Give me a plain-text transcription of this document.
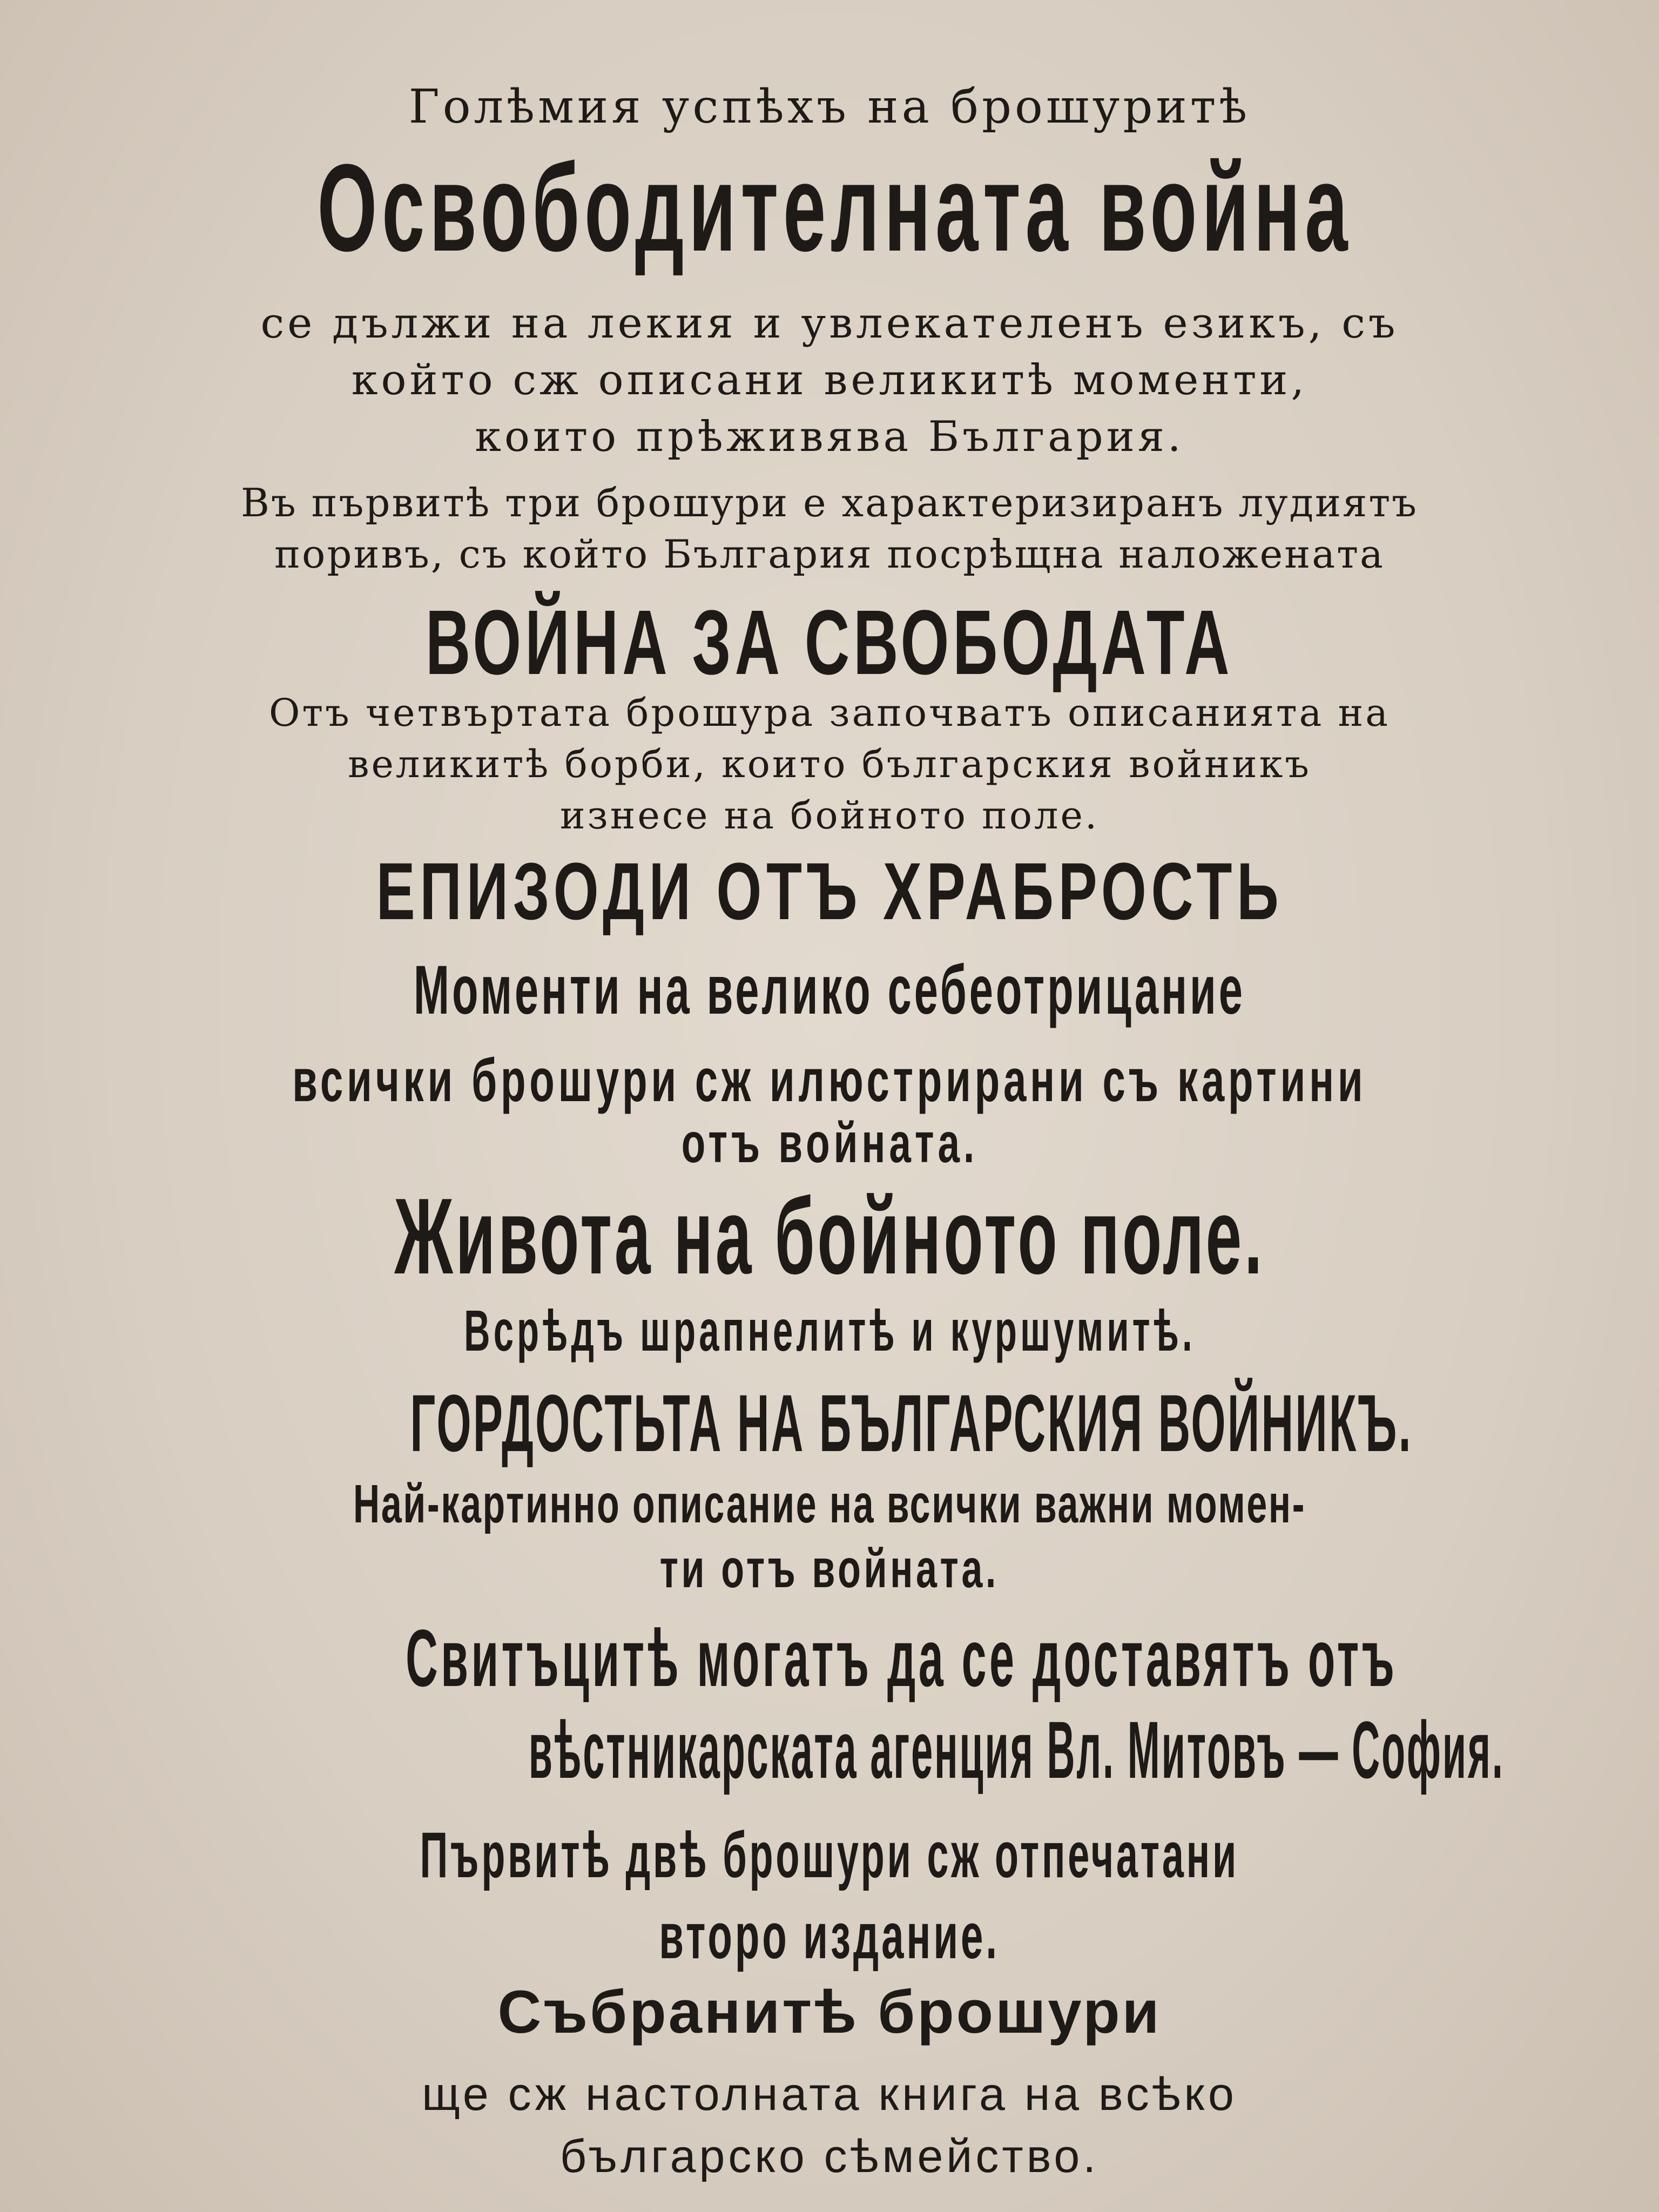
Голѣмия успѣхъ на брошуритѣ
Освободителната война
се дължи на лекия и увлекателенъ езикъ, съ
който сж описани великитѣ моменти,
които прѣживява България.
Въ първитѣ три брошури е характеризиранъ лудиятъ
поривъ, съ който България посрѣщна наложената
ВОЙНА ЗА СВОБОДАТА
Отъ четвъртата брошура започватъ описанията на
великитѣ борби, които българския войникъ
изнесе на бойното поле.
ЕПИЗОДИ ОТЪ ХРАБРОСТЬ
Моменти на велико себеотрицание
всички брошури сж илюстрирани съ картини
отъ войната.
Живота на бойното поле.
Всрѣдъ шрапнелитѣ и куршумитѣ.
ГОРДОСТЬТА НА БЪЛГАРСКИЯ ВОЙНИКЪ.
Най-картинно описание на всички важни момен-
ти отъ войната.
Свитъцитѣ могатъ да се доставятъ отъ
вѣстникарската агенция Вл. Митовъ — София.
Първитѣ двѣ брошури сж отпечатани
второ издание.
Събранитѣ брошури
ще сж настолната книга на всѣко
българско сѣмейство.
